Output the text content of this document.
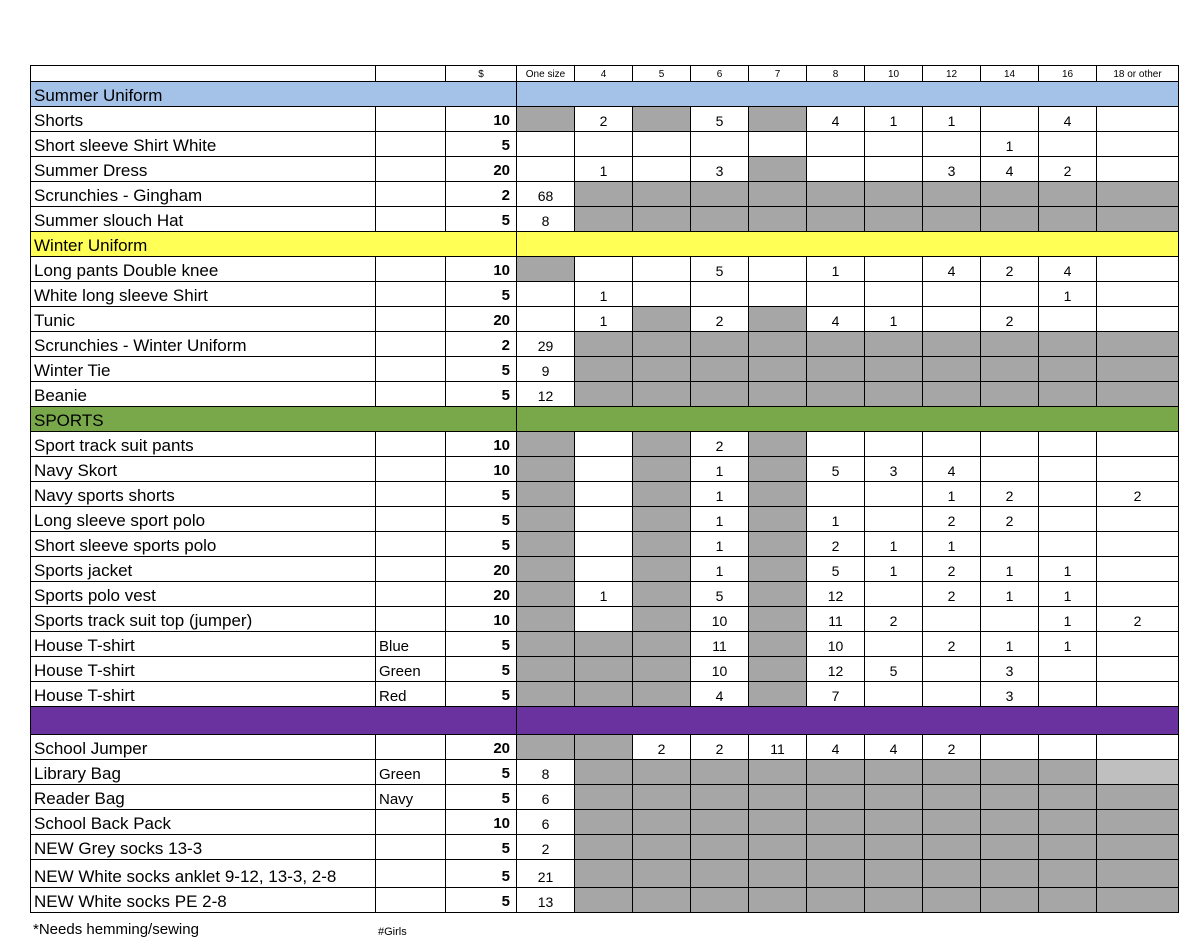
		$	One size	4	5	6	7	8	10	12	14	16	18 or other
Summer Uniform													
Shorts		10		2		5		4	1	1		4	
Short sleeve Shirt White		5									1		
Summer Dress		20		1		3				3	4	2	
Scrunchies - Gingham		2	68										
Summer slouch Hat		5	8										
Winter Uniform													
Long pants Double knee		10				5		1		4	2	4	
White long sleeve Shirt		5		1								1	
Tunic		20		1		2		4	1		2		
Scrunchies - Winter Uniform		2	29										
Winter Tie		5	9										
Beanie		5	12										
SPORTS													
Sport track suit pants		10				2							
Navy Skort		10				1		5	3	4			
Navy sports shorts		5				1				1	2		2
Long sleeve sport polo		5				1		1		2	2		
Short sleeve sports polo		5				1		2	1	1			
Sports jacket		20				1		5	1	2	1	1	
Sports polo vest		20		1		5		12		2	1	1	
Sports track suit top (jumper)		10				10		11	2			1	2
House T-shirt	Blue	5				11		10		2	1	1	
House T-shirt	Green	5				10		12	5		3		
House T-shirt	Red	5				4		7			3		

School Jumper		20			2	2	11	4	4	2			
Library Bag	Green	5	8										
Reader Bag	Navy	5	6										
School Back Pack		10	6										
NEW Grey socks 13-3		5	2										
NEW White socks anklet 9-12, 13-3, 2-8		5	21										
NEW White socks PE 2-8		5	13										
*Needs hemming/sewing	#Girls
